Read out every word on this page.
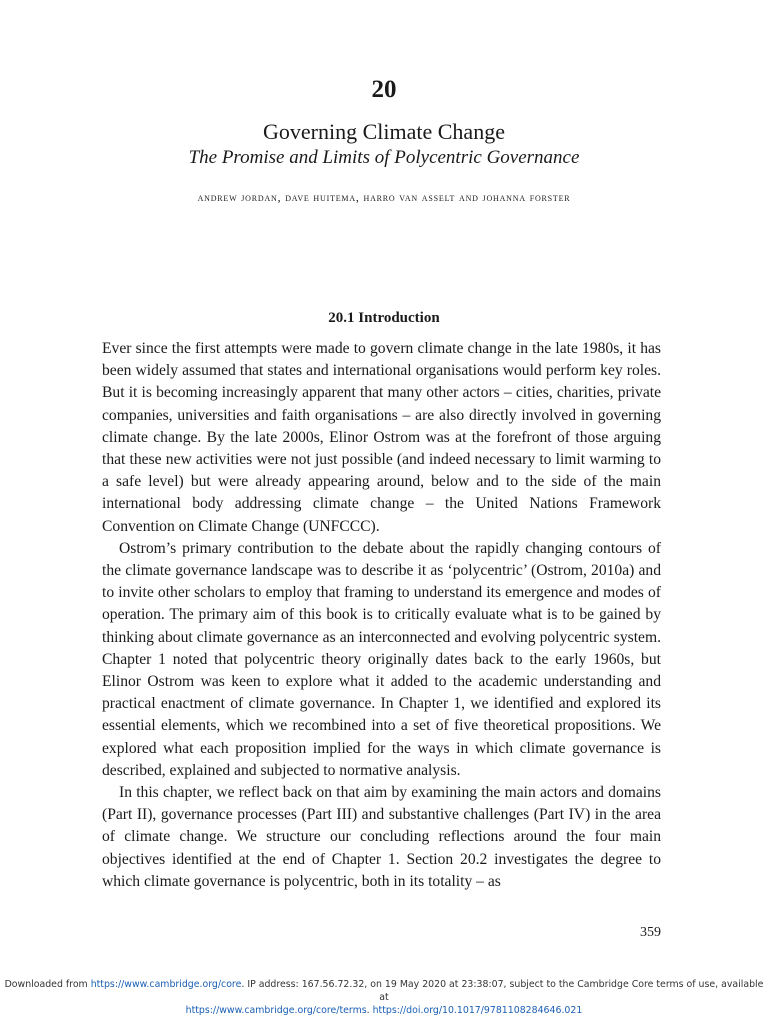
20
Governing Climate Change
The Promise and Limits of Polycentric Governance
andrew jordan, dave huitema, harro van asselt and johanna forster
20.1 Introduction

Ever since the first attempts were made to govern climate change in the late 1980s, it has been widely assumed that states and international organisations would perform key roles. But it is becoming increasingly apparent that many other actors – cities, charities, private companies, universities and faith organisations – are also directly involved in governing climate change. By the late 2000s, Elinor Ostrom was at the forefront of those arguing that these new activities were not just possible (and indeed necessary to limit warming to a safe level) but were already appearing around, below and to the side of the main international body addressing climate change – the United Nations Framework Convention on Climate Change (UNFCCC).

Ostrom’s primary contribution to the debate about the rapidly changing contours of the climate governance landscape was to describe it as ‘polycentric’ (Ostrom, 2010a) and to invite other scholars to employ that framing to understand its emergence and modes of operation. The primary aim of this book is to critically evaluate what is to be gained by thinking about climate governance as an interconnected and evolving polycentric system. Chapter 1 noted that polycentric theory originally dates back to the early 1960s, but Elinor Ostrom was keen to explore what it added to the academic understanding and practical enactment of climate governance. In Chapter 1, we identified and explored its essential elements, which we recombined into a set of five theoretical propositions. We explored what each proposition implied for the ways in which climate governance is described, explained and subjected to normative analysis.

In this chapter, we reflect back on that aim by examining the main actors and domains (Part II), governance processes (Part III) and substantive challenges (Part IV) in the area of climate change. We structure our concluding reflections around the four main objectives identified at the end of Chapter 1. Section 20.2 investigates the degree to which climate governance is polycentric, both in its totality – as

359
Downloaded from https://www.cambridge.org/core. IP address: 167.56.72.32, on 19 May 2020 at 23:38:07, subject to the Cambridge Core terms of use, available at
https://www.cambridge.org/core/terms. https://doi.org/10.1017/9781108284646.021
